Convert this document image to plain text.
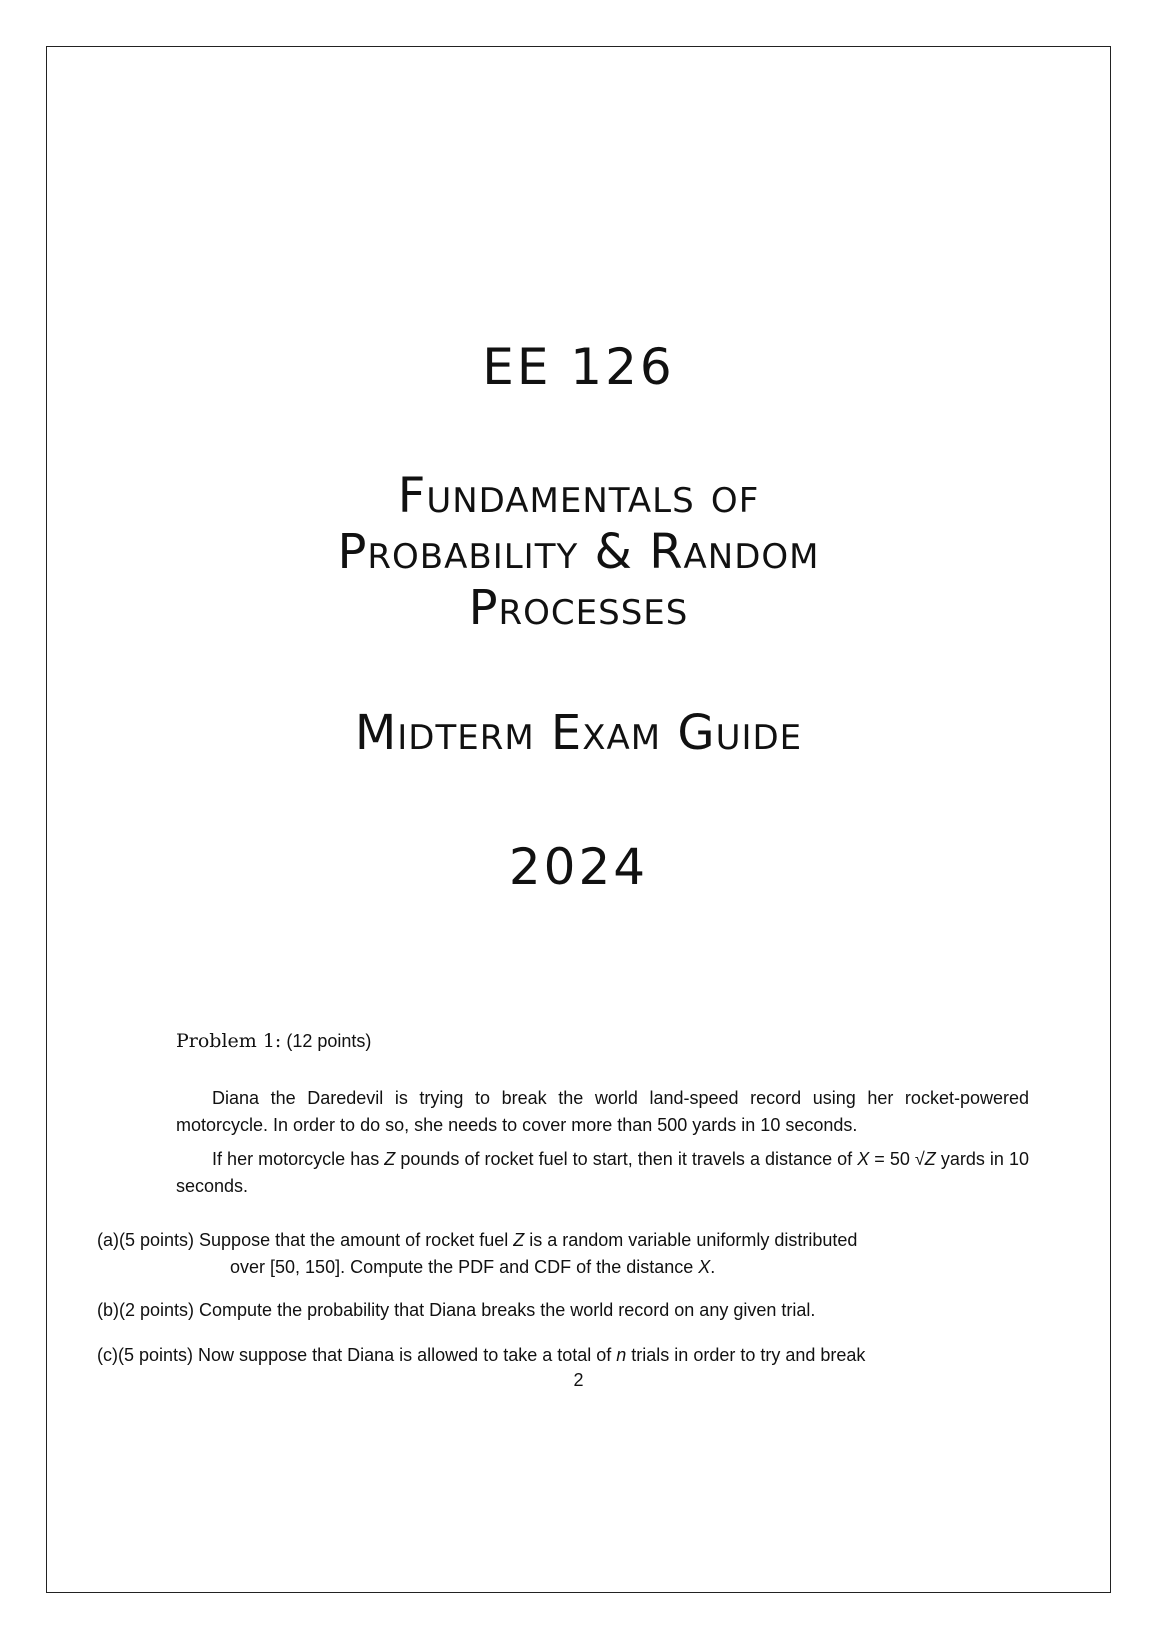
EE 126
Fundamentals of
Probability & Random
Processes
Midterm Exam Guide
2024
Problem 1: (12 points)
Diana the Daredevil is trying to break the world land-speed record using her rocket-powered motorcycle. In order to do so, she needs to cover more than 500 yards in 10 seconds.
If her motorcycle has Z pounds of rocket fuel to start, then it travels a distance of X = 50 √Z yards in 10 seconds.
(a)(5 points) Suppose that the amount of rocket fuel Z is a random variable uniformly distributed
over [50, 150]. Compute the PDF and CDF of the distance X.
(b)(2 points) Compute the probability that Diana breaks the world record on any given trial.
(c)(5 points) Now suppose that Diana is allowed to take a total of n trials in order to try and break
2
